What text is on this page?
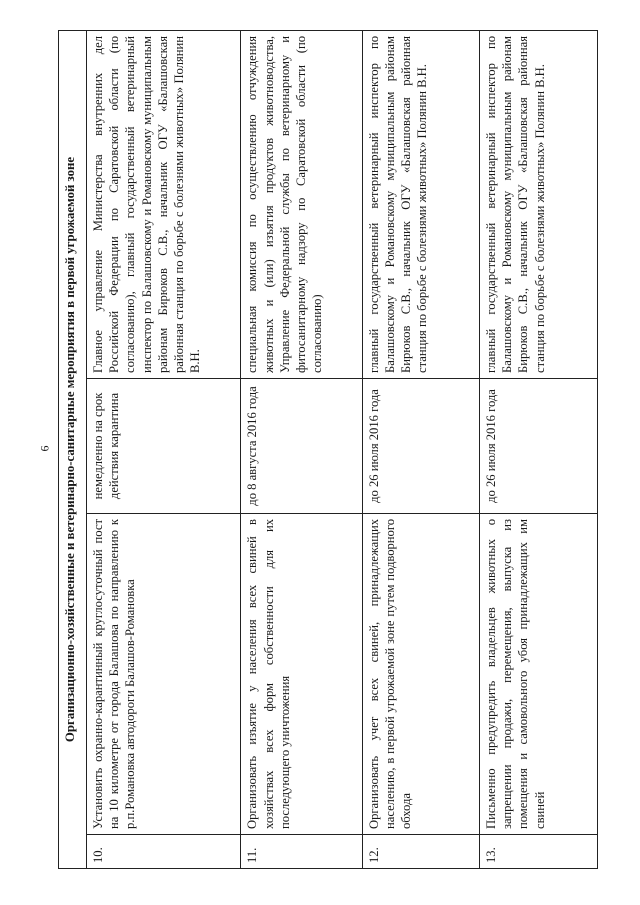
6 Организационно-хозяйственные и ветеринарно-санитарные мероприятия в первой угрожаемой зоне			
10.	Установить охранно-карантинный круглосуточный пост на 10 километре от города Балашова по направлению к р.п.Романовка автодороги Балашов-Романовка	немедленно на срок действия карантина	Главное управление Министерства внутренних дел Российской Федерации по Саратовской области (по согласованию), главный государственный ветеринарный инспектор по Балашовскому и Романовскому муниципальным районам Бирюков С.В., начальник ОГУ «Балашовская районная станция по борьбе с болезнями животных» Полянин В.Н.
11.	Организовать изъятие у населения всех свиней в хозяйствах всех форм собственности для их последующего уничтожения	до 8 августа 2016 года	специальная комиссия по осуществлению отчуждения животных и (или) изъятия продуктов животноводства, Управление Федеральной службы по ветеринарному и фитосанитарному надзору по Саратовской области (по согласованию)
12.	Организовать учет всех свиней, принадлежащих населению, в первой угрожаемой зоне путем подворного обхода	до 26 июля 2016 года	главный государственный ветеринарный инспектор по Балашовскому и Романовскому муниципальным районам Бирюков С.В., начальник ОГУ «Балашовская районная станция по борьбе с болезнями животных» Полянин В.Н.
13.	Письменно предупредить владельцев животных о запрещении продажи, перемещения, выпуска из помещения и самовольного убоя принадлежащих им свиней	до 26 июля 2016 года	главный государственный ветеринарный инспектор по Балашовскому и Романовскому муниципальным районам Бирюков С.В., начальник ОГУ «Балашовская районная станция по борьбе с болезнями животных» Полянин В.Н.
